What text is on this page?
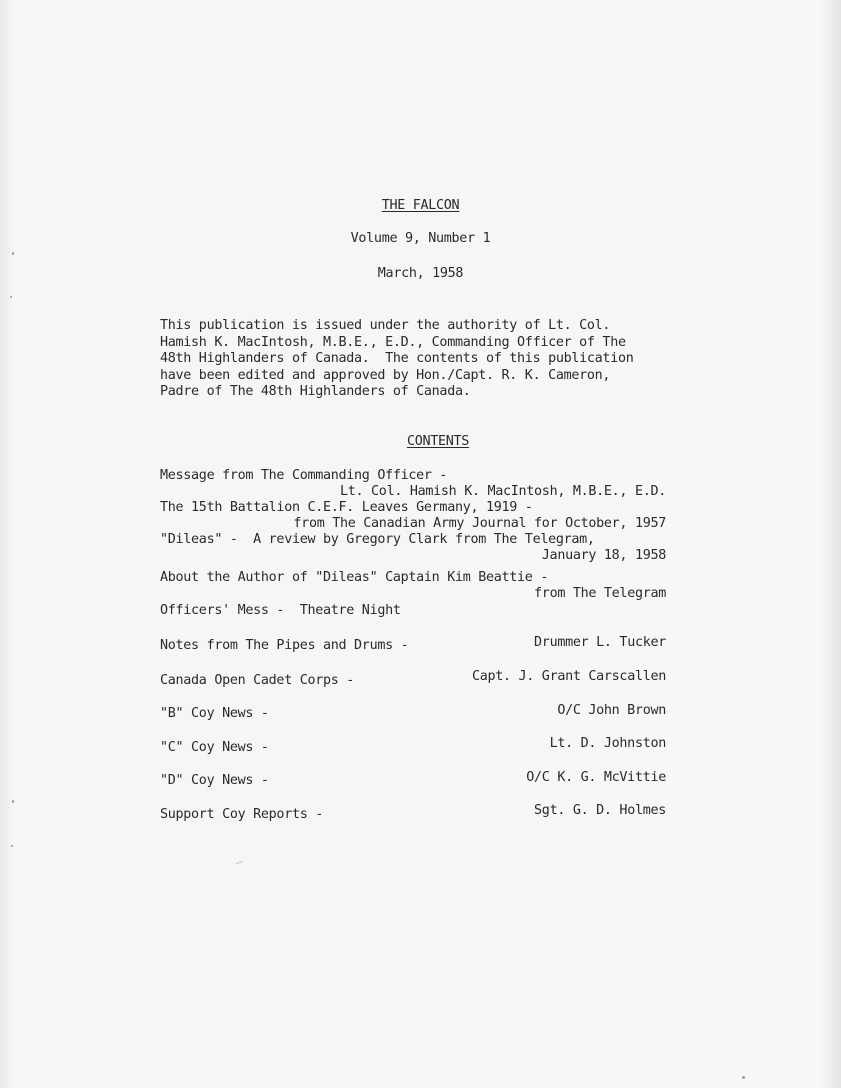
THE FALCON
Volume 9, Number 1
March, 1958
This publication is issued under the authority of Lt. Col.
Hamish K. MacIntosh, M.B.E., E.D., Commanding Officer of The
48th Highlanders of Canada.  The contents of this publication
have been edited and approved by Hon./Capt. R. K. Cameron,
Padre of The 48th Highlanders of Canada.
CONTENTS
Message from The Commanding Officer -
Lt. Col. Hamish K. MacIntosh, M.B.E., E.D.
The 15th Battalion C.E.F. Leaves Germany, 1919 -
from The Canadian Army Journal for October, 1957
"Dileas" -  A review by Gregory Clark from The Telegram,
January 18, 1958
About the Author of "Dileas" Captain Kim Beattie -
from The Telegram
Officers' Mess -  Theatre Night
Notes from The Pipes and Drums -	Drummer L. Tucker
Canada Open Cadet Corps -	Capt. J. Grant Carscallen
"B" Coy News -	O/C John Brown
"C" Coy News -	Lt. D. Johnston
"D" Coy News -	O/C K. G. McVittie
Support Coy Reports -	Sgt. G. D. Holmes
